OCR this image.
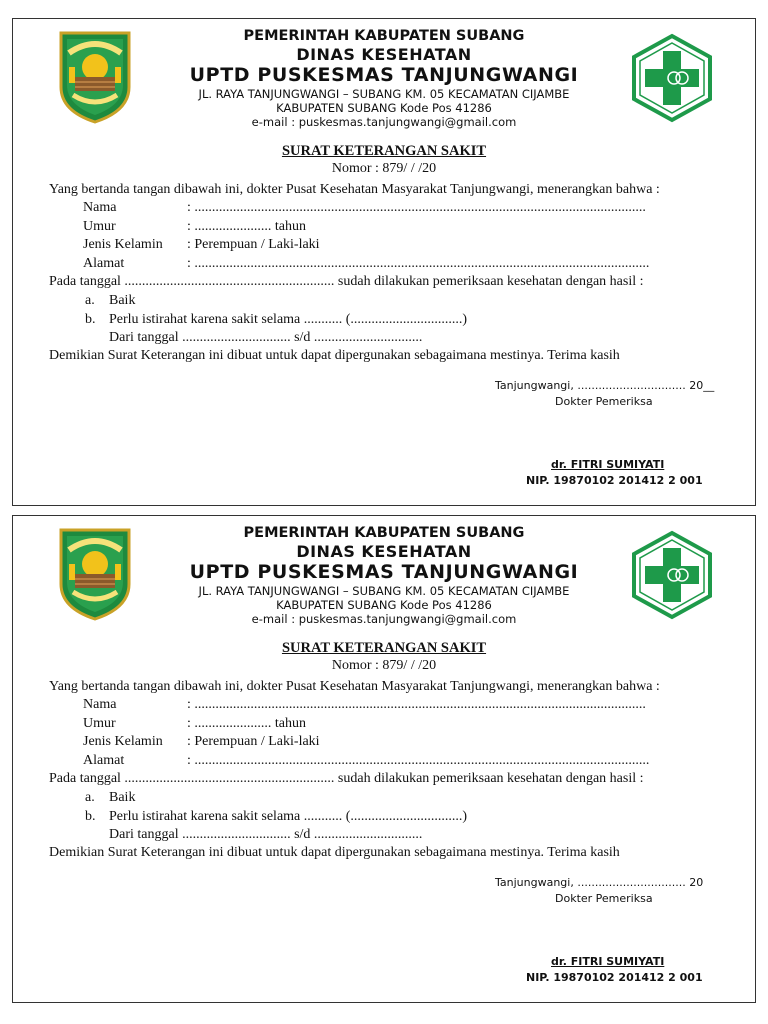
PEMERINTAH KABUPATEN SUBANG
DINAS KESEHATAN
UPTD PUSKESMAS TANJUNGWANGI
JL. RAYA TANJUNGWANGI – SUBANG KM. 05 KECAMATAN CIJAMBE
KABUPATEN SUBANG Kode Pos 41286
e-mail : puskesmas.tanjungwangi@gmail.com
SURAT KETERANGAN SAKIT
Nomor : 879/ / /20
Yang bertanda tangan dibawah ini, dokter Pusat Kesehatan Masyarakat Tanjungwangi, menerangkan bahwa :
Nama	: .................................................................................................................................
Umur	: ...................... tahun
Jenis Kelamin : Perempuan / Laki-laki
Alamat	: ..................................................................................................................................
Pada tanggal ............................................................ sudah dilakukan pemeriksaan kesehatan dengan hasil :
a. Baik
b. Perlu istirahat karena sakit selama ........... (................................)
Dari tanggal ............................... s/d ...............................
Demikian Surat Keterangan ini dibuat untuk dapat dipergunakan sebagaimana mestinya. Terima kasih
Tanjungwangi, ............................... 20__
Dokter Pemeriksa
dr. FITRI SUMIYATI
NIP. 19870102 201412 2 001
PEMERINTAH KABUPATEN SUBANG
DINAS KESEHATAN
UPTD PUSKESMAS TANJUNGWANGI
JL. RAYA TANJUNGWANGI – SUBANG KM. 05 KECAMATAN CIJAMBE
KABUPATEN SUBANG Kode Pos 41286
e-mail : puskesmas.tanjungwangi@gmail.com
SURAT KETERANGAN SAKIT
Nomor : 879/ / /20
Yang bertanda tangan dibawah ini, dokter Pusat Kesehatan Masyarakat Tanjungwangi, menerangkan bahwa :
Nama	: .................................................................................................................................
Umur	: ...................... tahun
Jenis Kelamin : Perempuan / Laki-laki
Alamat	: ..................................................................................................................................
Pada tanggal ............................................................ sudah dilakukan pemeriksaan kesehatan dengan hasil :
a. Baik
b. Perlu istirahat karena sakit selama ........... (................................)
Dari tanggal ............................... s/d ...............................
Demikian Surat Keterangan ini dibuat untuk dapat dipergunakan sebagaimana mestinya. Terima kasih
Tanjungwangi, ............................... 20
Dokter Pemeriksa
dr. FITRI SUMIYATI
NIP. 19870102 201412 2 001
